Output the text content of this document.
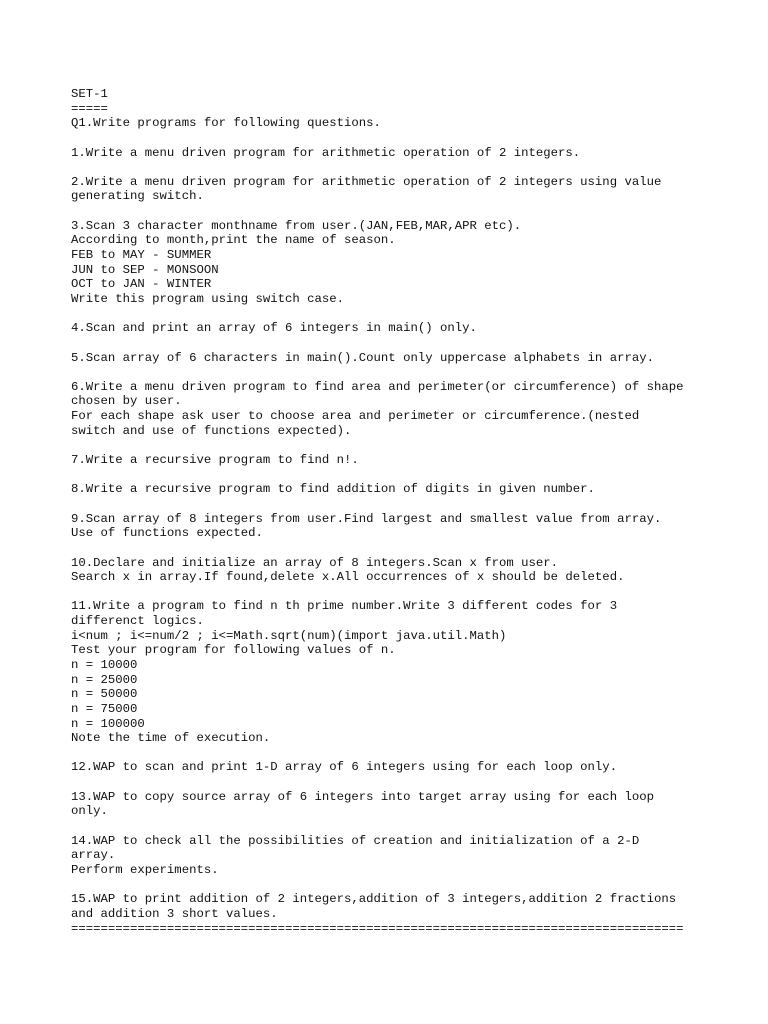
SET-1
=====
Q1.Write programs for following questions.
1.Write a menu driven program for arithmetic operation of 2 integers.
2.Write a menu driven program for arithmetic operation of 2 integers using value
generating switch.
3.Scan 3 character monthname from user.(JAN,FEB,MAR,APR etc).
According to month,print the name of season.
FEB to MAY - SUMMER
JUN to SEP - MONSOON
OCT to JAN - WINTER
Write this program using switch case.
4.Scan and print an array of 6 integers in main() only.
5.Scan array of 6 characters in main().Count only uppercase alphabets in array.
6.Write a menu driven program to find area and perimeter(or circumference) of shape
chosen by user.
For each shape ask user to choose area and perimeter or circumference.(nested
switch and use of functions expected).
7.Write a recursive program to find n!.
8.Write a recursive program to find addition of digits in given number.
9.Scan array of 8 integers from user.Find largest and smallest value from array.
Use of functions expected.
10.Declare and initialize an array of 8 integers.Scan x from user.
Search x in array.If found,delete x.All occurrences of x should be deleted.
11.Write a program to find n th prime number.Write 3 different codes for 3
differenct logics.
i<num ; i<=num/2 ; i<=Math.sqrt(num)(import java.util.Math)
Test your program for following values of n.
n = 10000
n = 25000
n = 50000
n = 75000
n = 100000
Note the time of execution.
12.WAP to scan and print 1-D array of 6 integers using for each loop only.
13.WAP to copy source array of 6 integers into target array using for each loop
only.
14.WAP to check all the possibilities of creation and initialization of a 2-D
array.
Perform experiments.
15.WAP to print addition of 2 integers,addition of 3 integers,addition 2 fractions
and addition 3 short values.
===================================================================================
